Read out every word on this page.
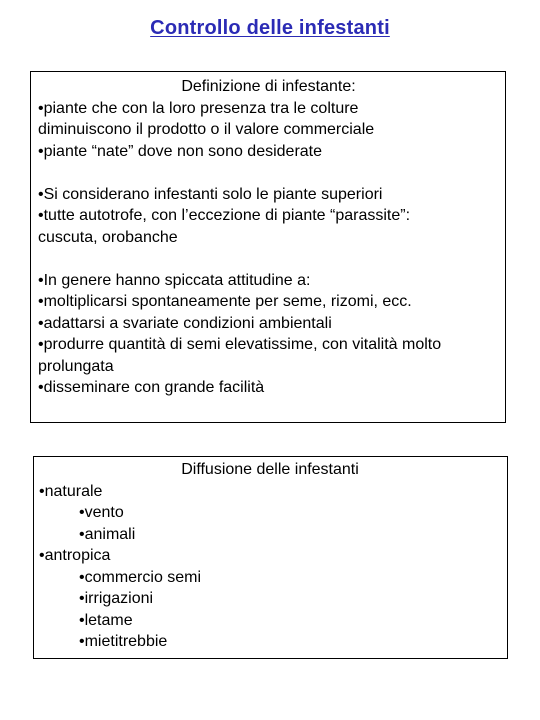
Controllo delle infestanti
Definizione di infestante:
•piante che con la loro presenza tra le colture
diminuiscono il prodotto o il valore commerciale
•piante “nate” dove non sono desiderate
•Si considerano infestanti solo le piante superiori
•tutte autotrofe, con l’eccezione di piante “parassite”:
cuscuta, orobanche
•In genere hanno spiccata attitudine a:
•moltiplicarsi spontaneamente per seme, rizomi, ecc.
•adattarsi a svariate condizioni ambientali
•produrre quantità di semi elevatissime, con vitalità molto
prolungata
•disseminare con grande facilità
Diffusione delle infestanti
•naturale
•vento
•animali
•antropica
•commercio semi
•irrigazioni
•letame
•mietitrebbie
